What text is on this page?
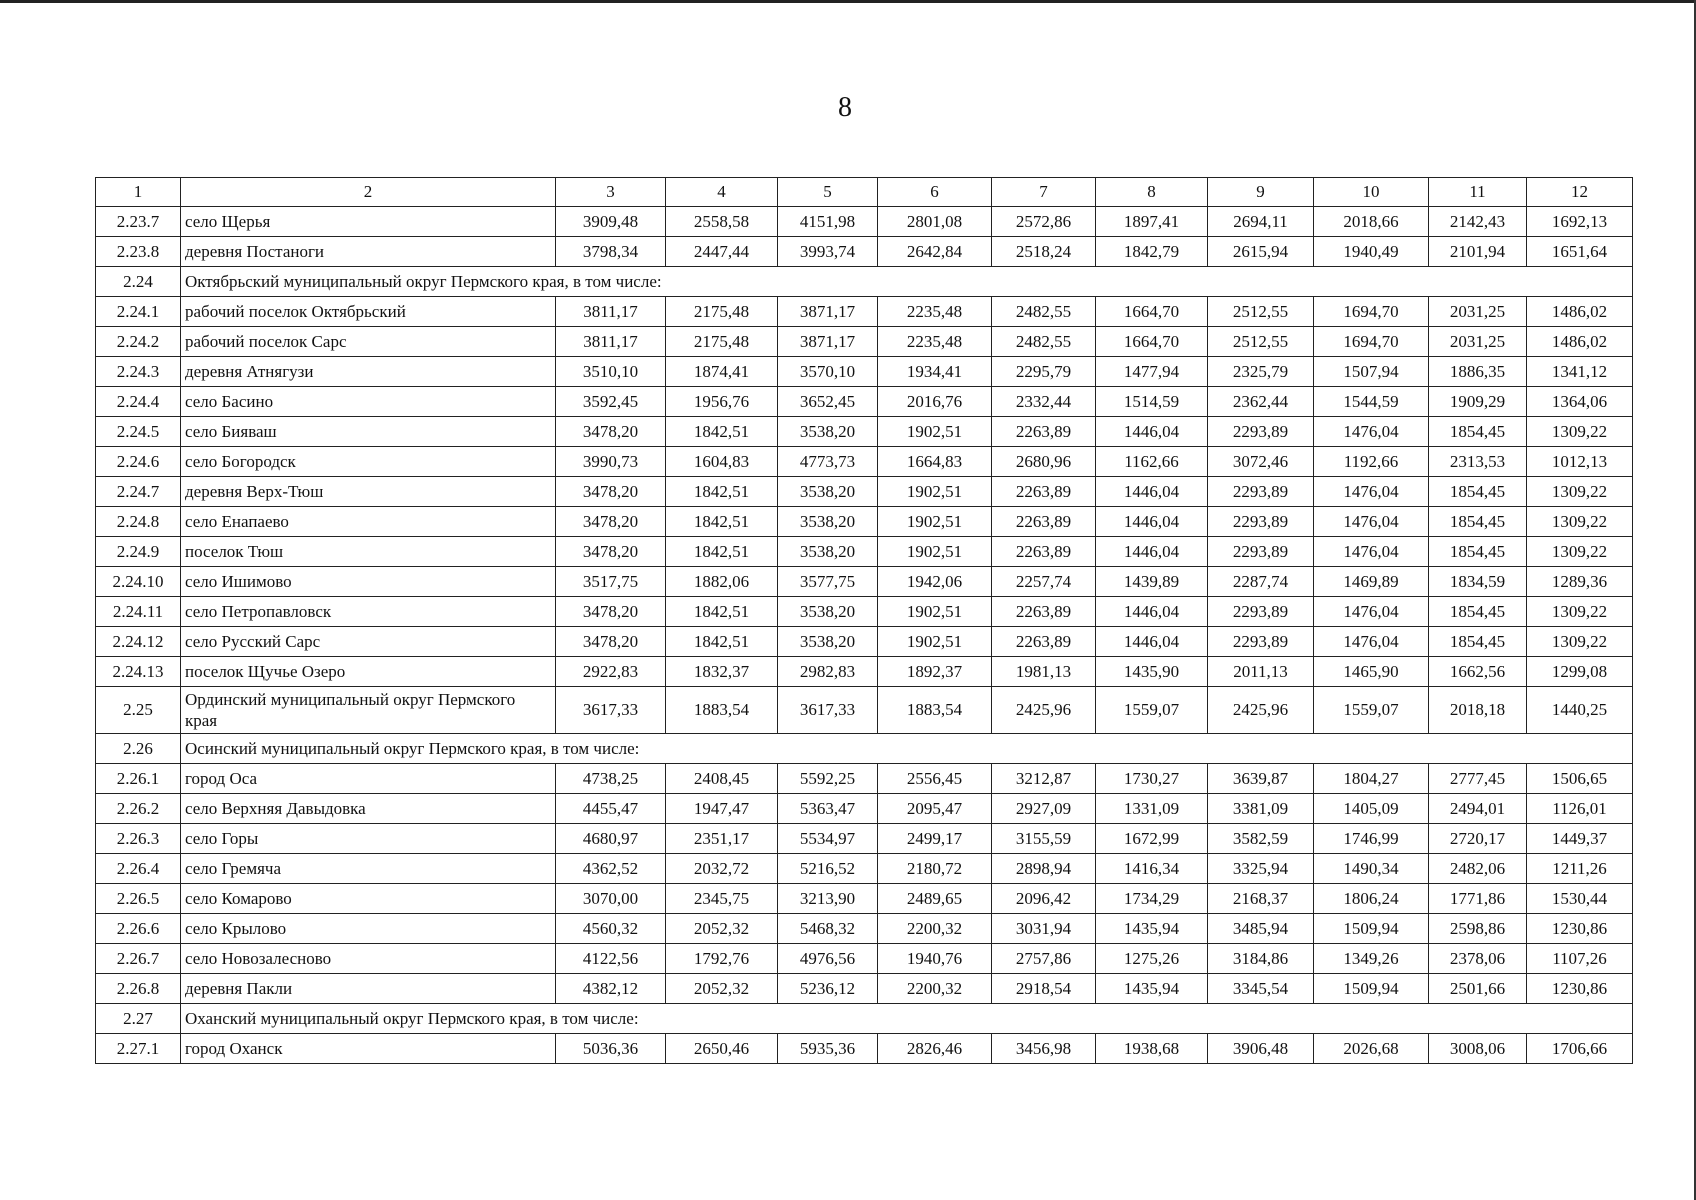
8
1	2	3	4	5	6	7	8	9	10	11	12
2.23.7	село Щерья	3909,48	2558,58	4151,98	2801,08	2572,86	1897,41	2694,11	2018,66	2142,43	1692,13
2.23.8	деревня Постаноги	3798,34	2447,44	3993,74	2642,84	2518,24	1842,79	2615,94	1940,49	2101,94	1651,64
2.24	Октябрьский муниципальный округ Пермского края, в том числе:										
2.24.1	рабочий поселок Октябрьский	3811,17	2175,48	3871,17	2235,48	2482,55	1664,70	2512,55	1694,70	2031,25	1486,02
2.24.2	рабочий поселок Сарс	3811,17	2175,48	3871,17	2235,48	2482,55	1664,70	2512,55	1694,70	2031,25	1486,02
2.24.3	деревня Атнягузи	3510,10	1874,41	3570,10	1934,41	2295,79	1477,94	2325,79	1507,94	1886,35	1341,12
2.24.4	село Басино	3592,45	1956,76	3652,45	2016,76	2332,44	1514,59	2362,44	1544,59	1909,29	1364,06
2.24.5	село Бияваш	3478,20	1842,51	3538,20	1902,51	2263,89	1446,04	2293,89	1476,04	1854,45	1309,22
2.24.6	село Богородск	3990,73	1604,83	4773,73	1664,83	2680,96	1162,66	3072,46	1192,66	2313,53	1012,13
2.24.7	деревня Верх-Тюш	3478,20	1842,51	3538,20	1902,51	2263,89	1446,04	2293,89	1476,04	1854,45	1309,22
2.24.8	село Енапаево	3478,20	1842,51	3538,20	1902,51	2263,89	1446,04	2293,89	1476,04	1854,45	1309,22
2.24.9	поселок Тюш	3478,20	1842,51	3538,20	1902,51	2263,89	1446,04	2293,89	1476,04	1854,45	1309,22
2.24.10	село Ишимово	3517,75	1882,06	3577,75	1942,06	2257,74	1439,89	2287,74	1469,89	1834,59	1289,36
2.24.11	село Петропавловск	3478,20	1842,51	3538,20	1902,51	2263,89	1446,04	2293,89	1476,04	1854,45	1309,22
2.24.12	село Русский Сарс	3478,20	1842,51	3538,20	1902,51	2263,89	1446,04	2293,89	1476,04	1854,45	1309,22
2.24.13	поселок Щучье Озеро	2922,83	1832,37	2982,83	1892,37	1981,13	1435,90	2011,13	1465,90	1662,56	1299,08
2.25	Ординский муниципальный округ Пермского края	3617,33	1883,54	3617,33	1883,54	2425,96	1559,07	2425,96	1559,07	2018,18	1440,25
2.26	Осинский муниципальный округ Пермского края, в том числе:										
2.26.1	город Оса	4738,25	2408,45	5592,25	2556,45	3212,87	1730,27	3639,87	1804,27	2777,45	1506,65
2.26.2	село Верхняя Давыдовка	4455,47	1947,47	5363,47	2095,47	2927,09	1331,09	3381,09	1405,09	2494,01	1126,01
2.26.3	село Горы	4680,97	2351,17	5534,97	2499,17	3155,59	1672,99	3582,59	1746,99	2720,17	1449,37
2.26.4	село Гремяча	4362,52	2032,72	5216,52	2180,72	2898,94	1416,34	3325,94	1490,34	2482,06	1211,26
2.26.5	село Комарово	3070,00	2345,75	3213,90	2489,65	2096,42	1734,29	2168,37	1806,24	1771,86	1530,44
2.26.6	село Крылово	4560,32	2052,32	5468,32	2200,32	3031,94	1435,94	3485,94	1509,94	2598,86	1230,86
2.26.7	село Новозалесново	4122,56	1792,76	4976,56	1940,76	2757,86	1275,26	3184,86	1349,26	2378,06	1107,26
2.26.8	деревня Пакли	4382,12	2052,32	5236,12	2200,32	2918,54	1435,94	3345,54	1509,94	2501,66	1230,86
2.27	Оханский муниципальный округ Пермского края, в том числе:										
2.27.1	город Оханск	5036,36	2650,46	5935,36	2826,46	3456,98	1938,68	3906,48	2026,68	3008,06	1706,66
